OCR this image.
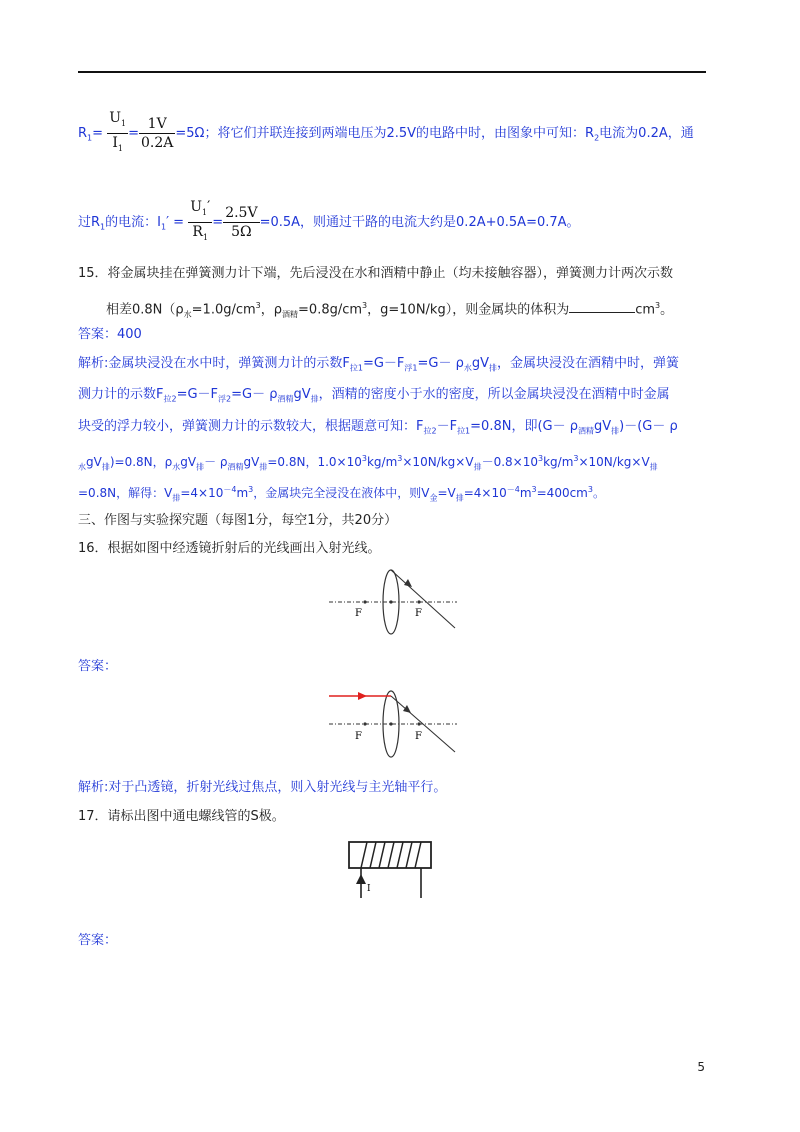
$R_1= \frac{U_1}{I_1} = \frac{1V}{0.2A} =5\Omega$；将它们并联连接到两端电压为2.5V的电路中时，由图象中可知：$R_2$电流为0.2A，通
过$R_1$的电流：$I_1' = \frac{U_1'}{R_1} = \frac{2.5V}{5\Omega} =0.5A$，则通过干路的电流大约是0.2A+0.5A=0.7A。
15．将金属块挂在弹簧测力计下端，先后浸没在水和酒精中静止（均未接触容器），弹簧测力计两次示数
相差$0.8N(\rho_水=1.0g/cm^3$，$\rho_{酒精}=0.8g/cm^3$，g=10N/kg），则金属块的体积为	$cm^3$。
答案：400
解析:金属块浸没在水中时，弹簧测力计的示数$F_{拉1}=G-F_{浮1}=G- \rho_水gV_排$，金属块浸没在酒精中时，弹簧
测力计的示数$F_{拉2}=G-F_{浮2}=G- \rho_{酒精}gV_排$，酒精的密度小于水的密度，所以金属块浸没在酒精中时金属
块受的浮力较小，弹簧测力计的示数较大，根据题意可知：$F_{拉2}-F_{拉1}=0.8N$，即$(G- \rho_{酒精}gV_排)-(G- \rho$
$_水gV_排)=0.8N$，$\rho_水gV_排- \rho_{酒精}gV_排=0.8N$，$1.0\times 10^3kg/m^3\times 10N/kg\times V_排-0.8\times 10^3kg/m^3\times 10N/kg\times V_排$
=0.8N，解得：$V_排=4\times 10^{-4}m^3$，金属块完全浸没在液体中，则$V_金=V_排=4\times 10^{-4}m^3=400cm^3$。
三、作图与实验探究题（每图1分，每空1分，共20分）
16．根据如图中经透镜折射后的光线画出入射光线。
F	F
答案：
F	F
解析:对于凸透镜，折射光线过焦点，则入射光线与主光轴平行。
17．请标出图中通电螺线管的S极。
I
答案：
5
